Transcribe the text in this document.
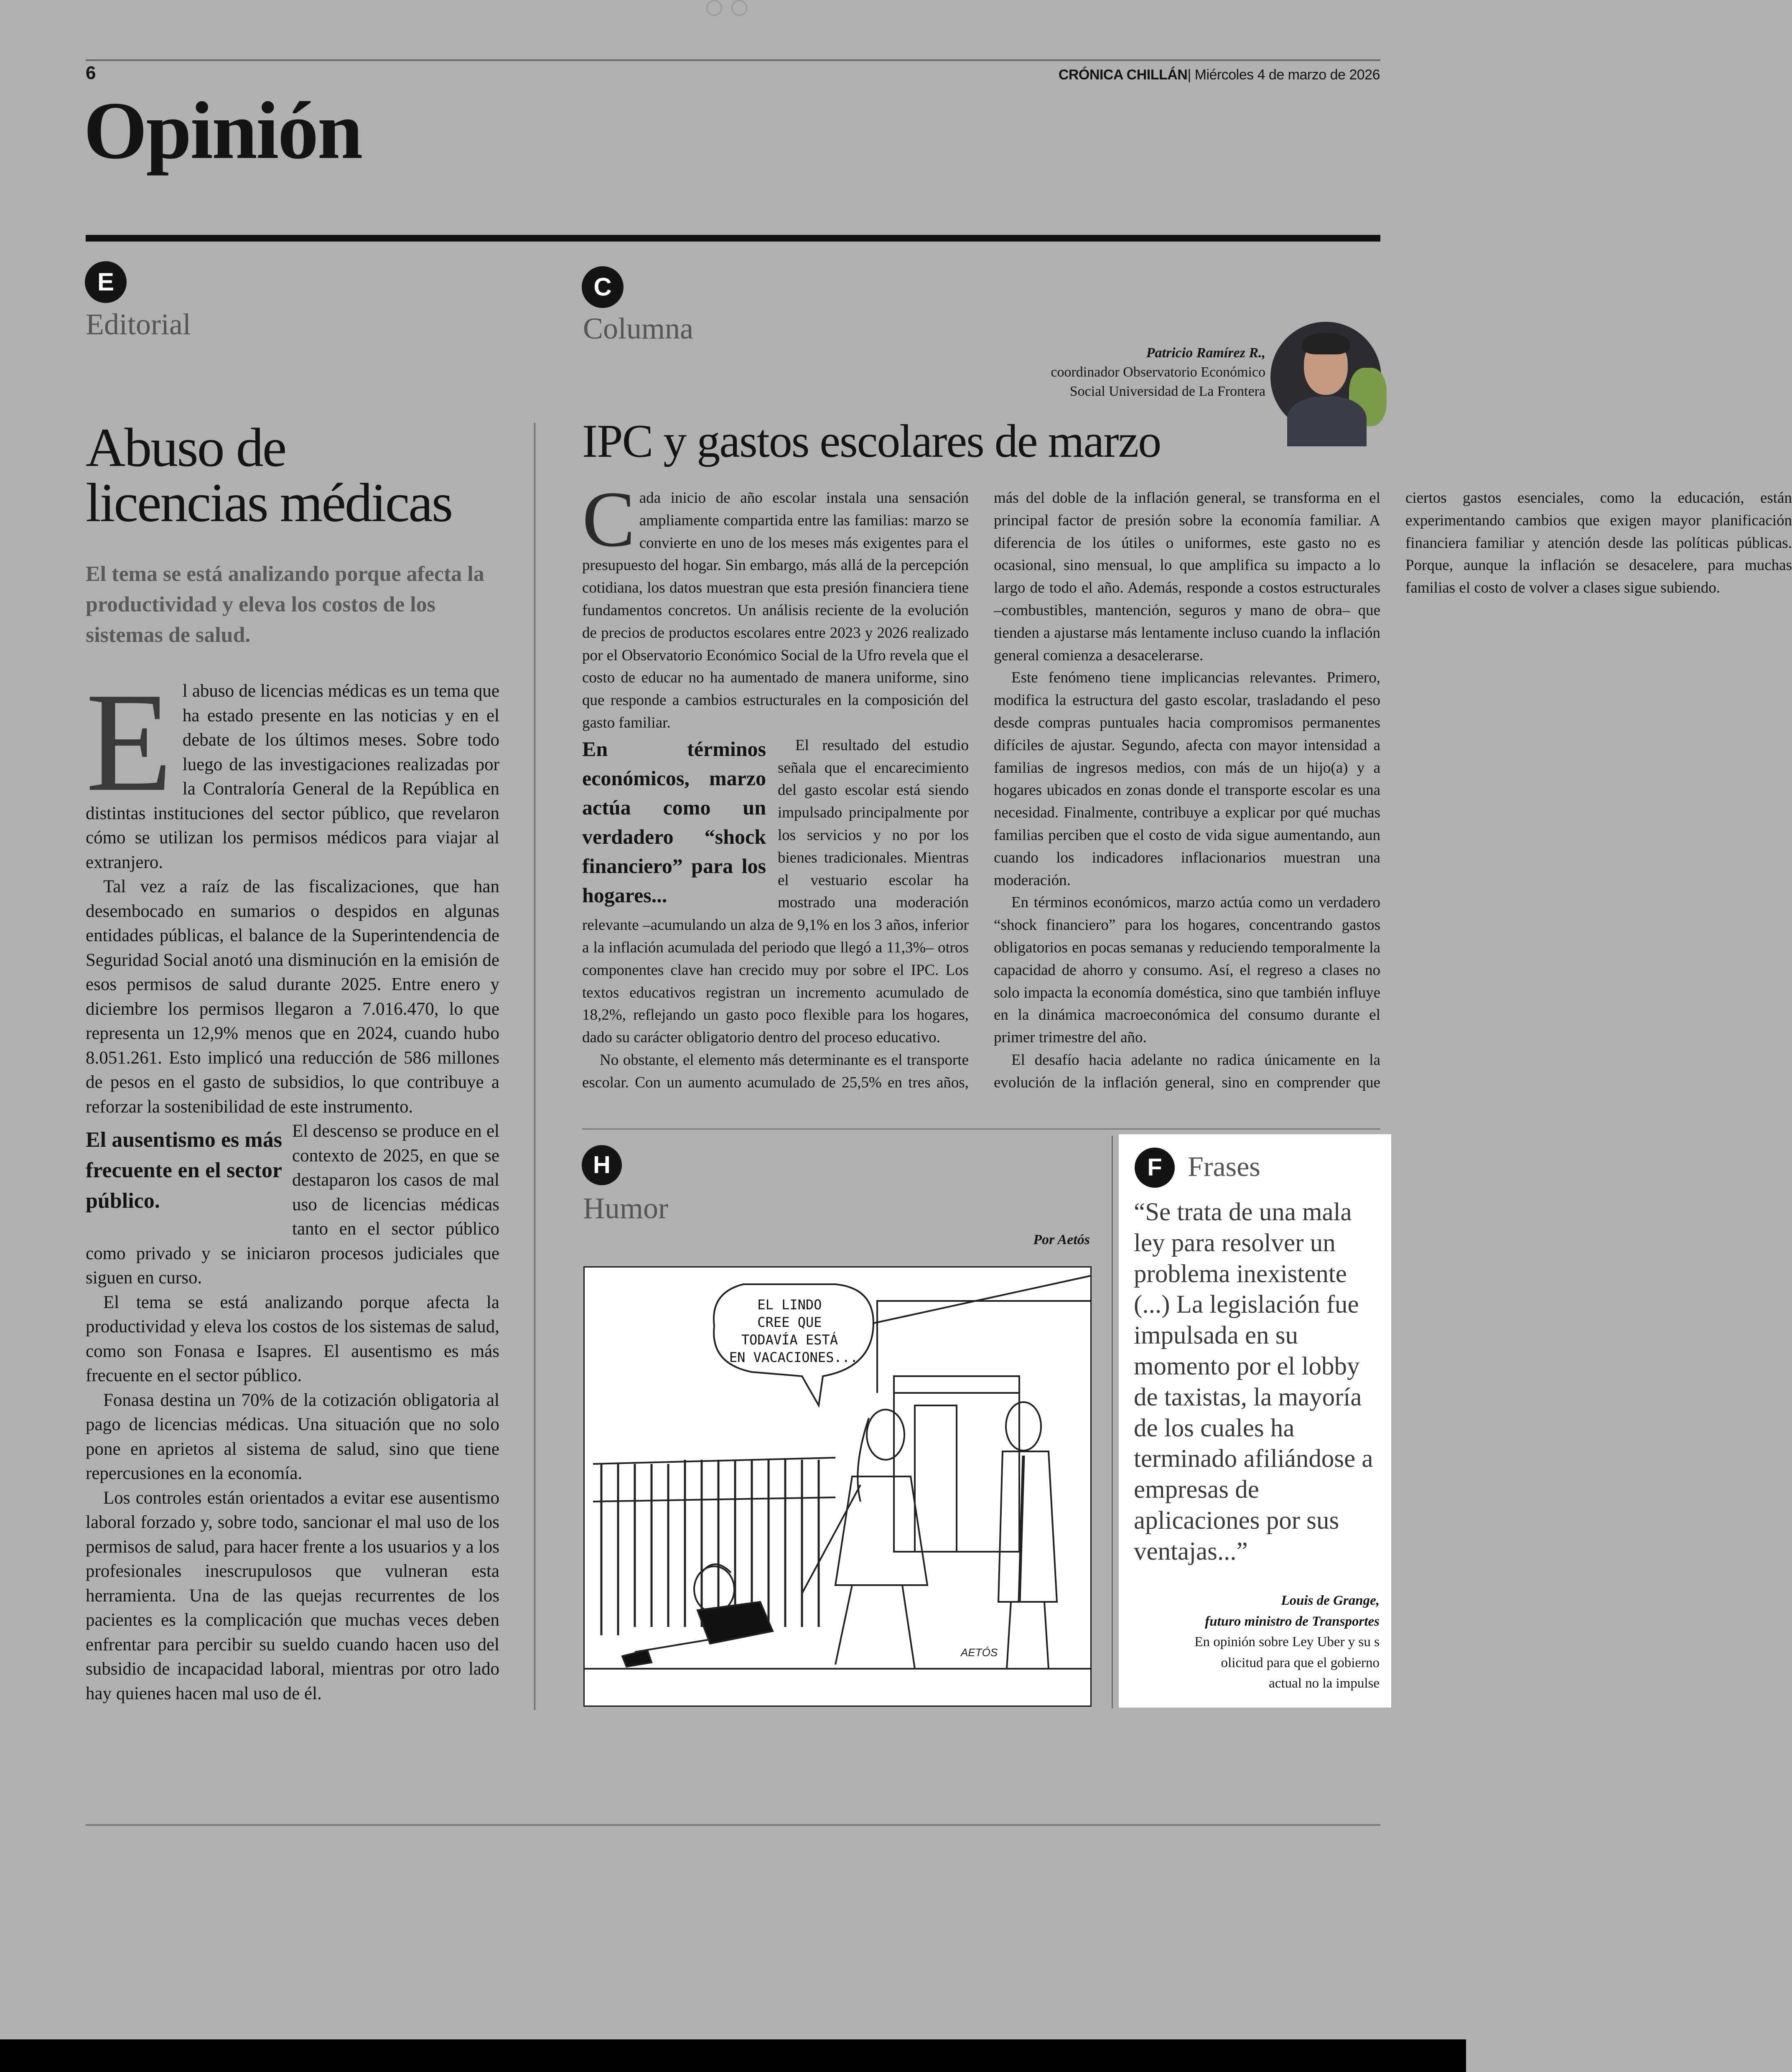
6	CRÓNICA CHILLÁN| Miércoles 4 de marzo de 2026
Opinión
E
Editorial
Abuso de
licencias médicas
El tema se está analizando porque afecta la productividad y eleva los costos de los sistemas de salud.
E l abuso de licencias médicas es un tema que ha estado presente en las noticias y en el debate de los últimos meses. Sobre todo luego de las investigaciones realizadas por la Contraloría General de la República en distintas instituciones del sector público, que revelaron cómo se utilizan los permisos médicos para viajar al extranjero.

Tal vez a raíz de las fiscalizaciones, que han desembocado en sumarios o despidos en algunas entidades públicas, el balance de la Superintendencia de Seguridad Social anotó una disminución en la emisión de esos permisos de salud durante 2025. Entre enero y diciembre los permisos llegaron a 7.016.470, lo que representa un 12,9% menos que en 2024, cuando hubo 8.051.261. Esto implicó una reducción de 586 millones de pesos en el gasto de subsidios, lo que contribuye a reforzar la sostenibilidad de este instrumento.

El ausentismo es más frecuente en el sector público.

El descenso se produce en el contexto de 2025, en que se destaparon los casos de mal uso de licencias médicas tanto en el sector público como privado y se iniciaron procesos judiciales que siguen en curso.

El tema se está analizando porque afecta la productividad y eleva los costos de los sistemas de salud, como son Fonasa e Isapres. El ausentismo es más frecuente en el sector público.

Fonasa destina un 70% de la cotización obligatoria al pago de licencias médicas. Una situación que no solo pone en aprietos al sistema de salud, sino que tiene repercusiones en la economía.

Los controles están orientados a evitar ese ausentismo laboral forzado y, sobre todo, sancionar el mal uso de los permisos de salud, para hacer frente a los usuarios y a los profesionales inescrupulosos que vulneran esta herramienta. Una de las quejas recurrentes de los pacientes es la complicación que muchas veces deben enfrentar para percibir su sueldo cuando hacen uso del subsidio de incapacidad laboral, mientras por otro lado hay quienes hacen mal uso de él.

C
Columna
Patricio Ramírez R.,
coordinador Observatorio Económico
Social Universidad de La Frontera
IPC y gastos escolares de marzo
C ada inicio de año escolar instala una sensación ampliamente compartida entre las familias: marzo se convierte en uno de los meses más exigentes para el presupuesto del hogar. Sin embargo, más allá de la percepción cotidiana, los datos muestran que esta presión financiera tiene fundamentos concretos. Un análisis reciente de la evolución de precios de productos escolares entre 2023 y 2026 realizado por el Observatorio Económico Social de la Ufro revela que el costo de educar no ha aumentado de manera uniforme, sino que responde a cambios estructurales en la composición del gasto familiar.

En términos económicos, marzo actúa como un verdadero “shock financiero” para los hogares...

El resultado del estudio señala que el encarecimiento del gasto escolar está siendo impulsado principalmente por los servicios y no por los bienes tradicionales. Mientras el vestuario escolar ha mostrado una moderación relevante –acumulando un alza de 9,1% en los 3 años, inferior a la inflación acumulada del periodo que llegó a 11,3%– otros componentes clave han crecido muy por sobre el IPC. Los textos educativos registran un incremento acumulado de 18,2%, reflejando un gasto poco flexible para los hogares, dado su carácter obligatorio dentro del proceso educativo.

No obstante, el elemento más determinante es el transporte escolar. Con un aumento acumulado de 25,5% en tres años, más del doble de la inflación general, se transforma en el principal factor de presión sobre la economía familiar. A diferencia de los útiles o uniformes, este gasto no es ocasional, sino mensual, lo que amplifica su impacto a lo largo de todo el año. Además, responde a costos estructurales –combustibles, mantención, seguros y mano de obra– que tienden a ajustarse más lentamente incluso cuando la inflación general comienza a desacelerarse.

Este fenómeno tiene implicancias relevantes. Primero, modifica la estructura del gasto escolar, trasladando el peso desde compras puntuales hacia compromisos permanentes difíciles de ajustar. Segundo, afecta con mayor intensidad a familias de ingresos medios, con más de un hijo(a) y a hogares ubicados en zonas donde el transporte escolar es una necesidad. Finalmente, contribuye a explicar por qué muchas familias perciben que el costo de vida sigue aumentando, aun cuando los indicadores inflacionarios muestran una moderación.

En términos económicos, marzo actúa como un verdadero “shock financiero” para los hogares, concentrando gastos obligatorios en pocas semanas y reduciendo temporalmente la capacidad de ahorro y consumo. Así, el regreso a clases no solo impacta la economía doméstica, sino que también influye en la dinámica macroeconómica del consumo durante el primer trimestre del año.

El desafío hacia adelante no radica únicamente en la evolución de la inflación general, sino en comprender que ciertos gastos esenciales, como la educación, están experimentando cambios que exigen mayor planificación financiera familiar y atención desde las políticas públicas. Porque, aunque la inflación se desacelere, para muchas familias el costo de volver a clases sigue subiendo.

H
Humor
Por Aetós
EL LINDO CREE QUE TODAVÍA ESTÁ EN VACACIONES...
AETÓS
F Frases
“Se trata de una mala ley para resolver un problema inexistente (...) La legislación fue impulsada en su momento por el lobby de taxistas, la mayoría de los cuales ha terminado afiliándose a empresas de aplicaciones por sus ventajas...”
Louis de Grange,
futuro ministro de Transportes
En opinión sobre Ley Uber y su s
olicitud para que el gobierno
actual no la impulse
